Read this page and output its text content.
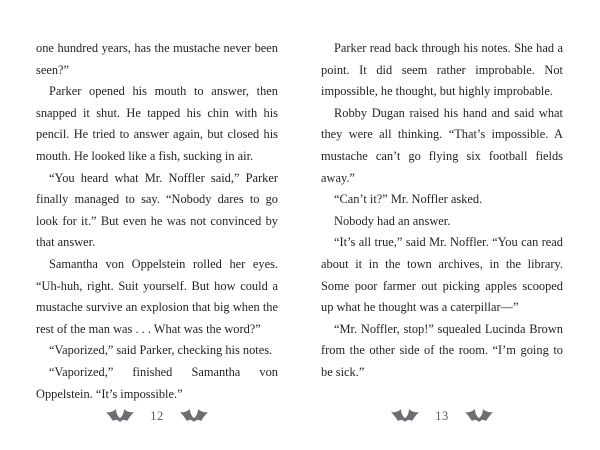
one hundred years, has the mustache never been seen?”

Parker opened his mouth to answer, then snapped it shut. He tapped his chin with his pencil. He tried to answer again, but closed his mouth. He looked like a fish, sucking in air.

“You heard what Mr. Noffler said,” Parker finally managed to say. “Nobody dares to go look for it.” But even he was not convinced by that answer.

Samantha von Oppelstein rolled her eyes. “Uh-huh, right. Suit yourself. But how could a mustache survive an explosion that big when the rest of the man was . . . What was the word?”

“Vaporized,” said Parker, checking his notes.

“Vaporized,” finished Samantha von Oppelstein. “It’s impossible.”

12

Parker read back through his notes. She had a point. It did seem rather improbable. Not impossible, he thought, but highly improbable.

Robby Dugan raised his hand and said what they were all thinking. “That’s impossible. A mustache can’t go flying six football fields away.”

“Can’t it?” Mr. Noffler asked.

Nobody had an answer.

“It’s all true,” said Mr. Noffler. “You can read about it in the town archives, in the library. Some poor farmer out picking apples scooped up what he thought was a caterpillar—”

“Mr. Noffler, stop!” squealed Lucinda Brown from the other side of the room. “I’m going to be sick.”

13
